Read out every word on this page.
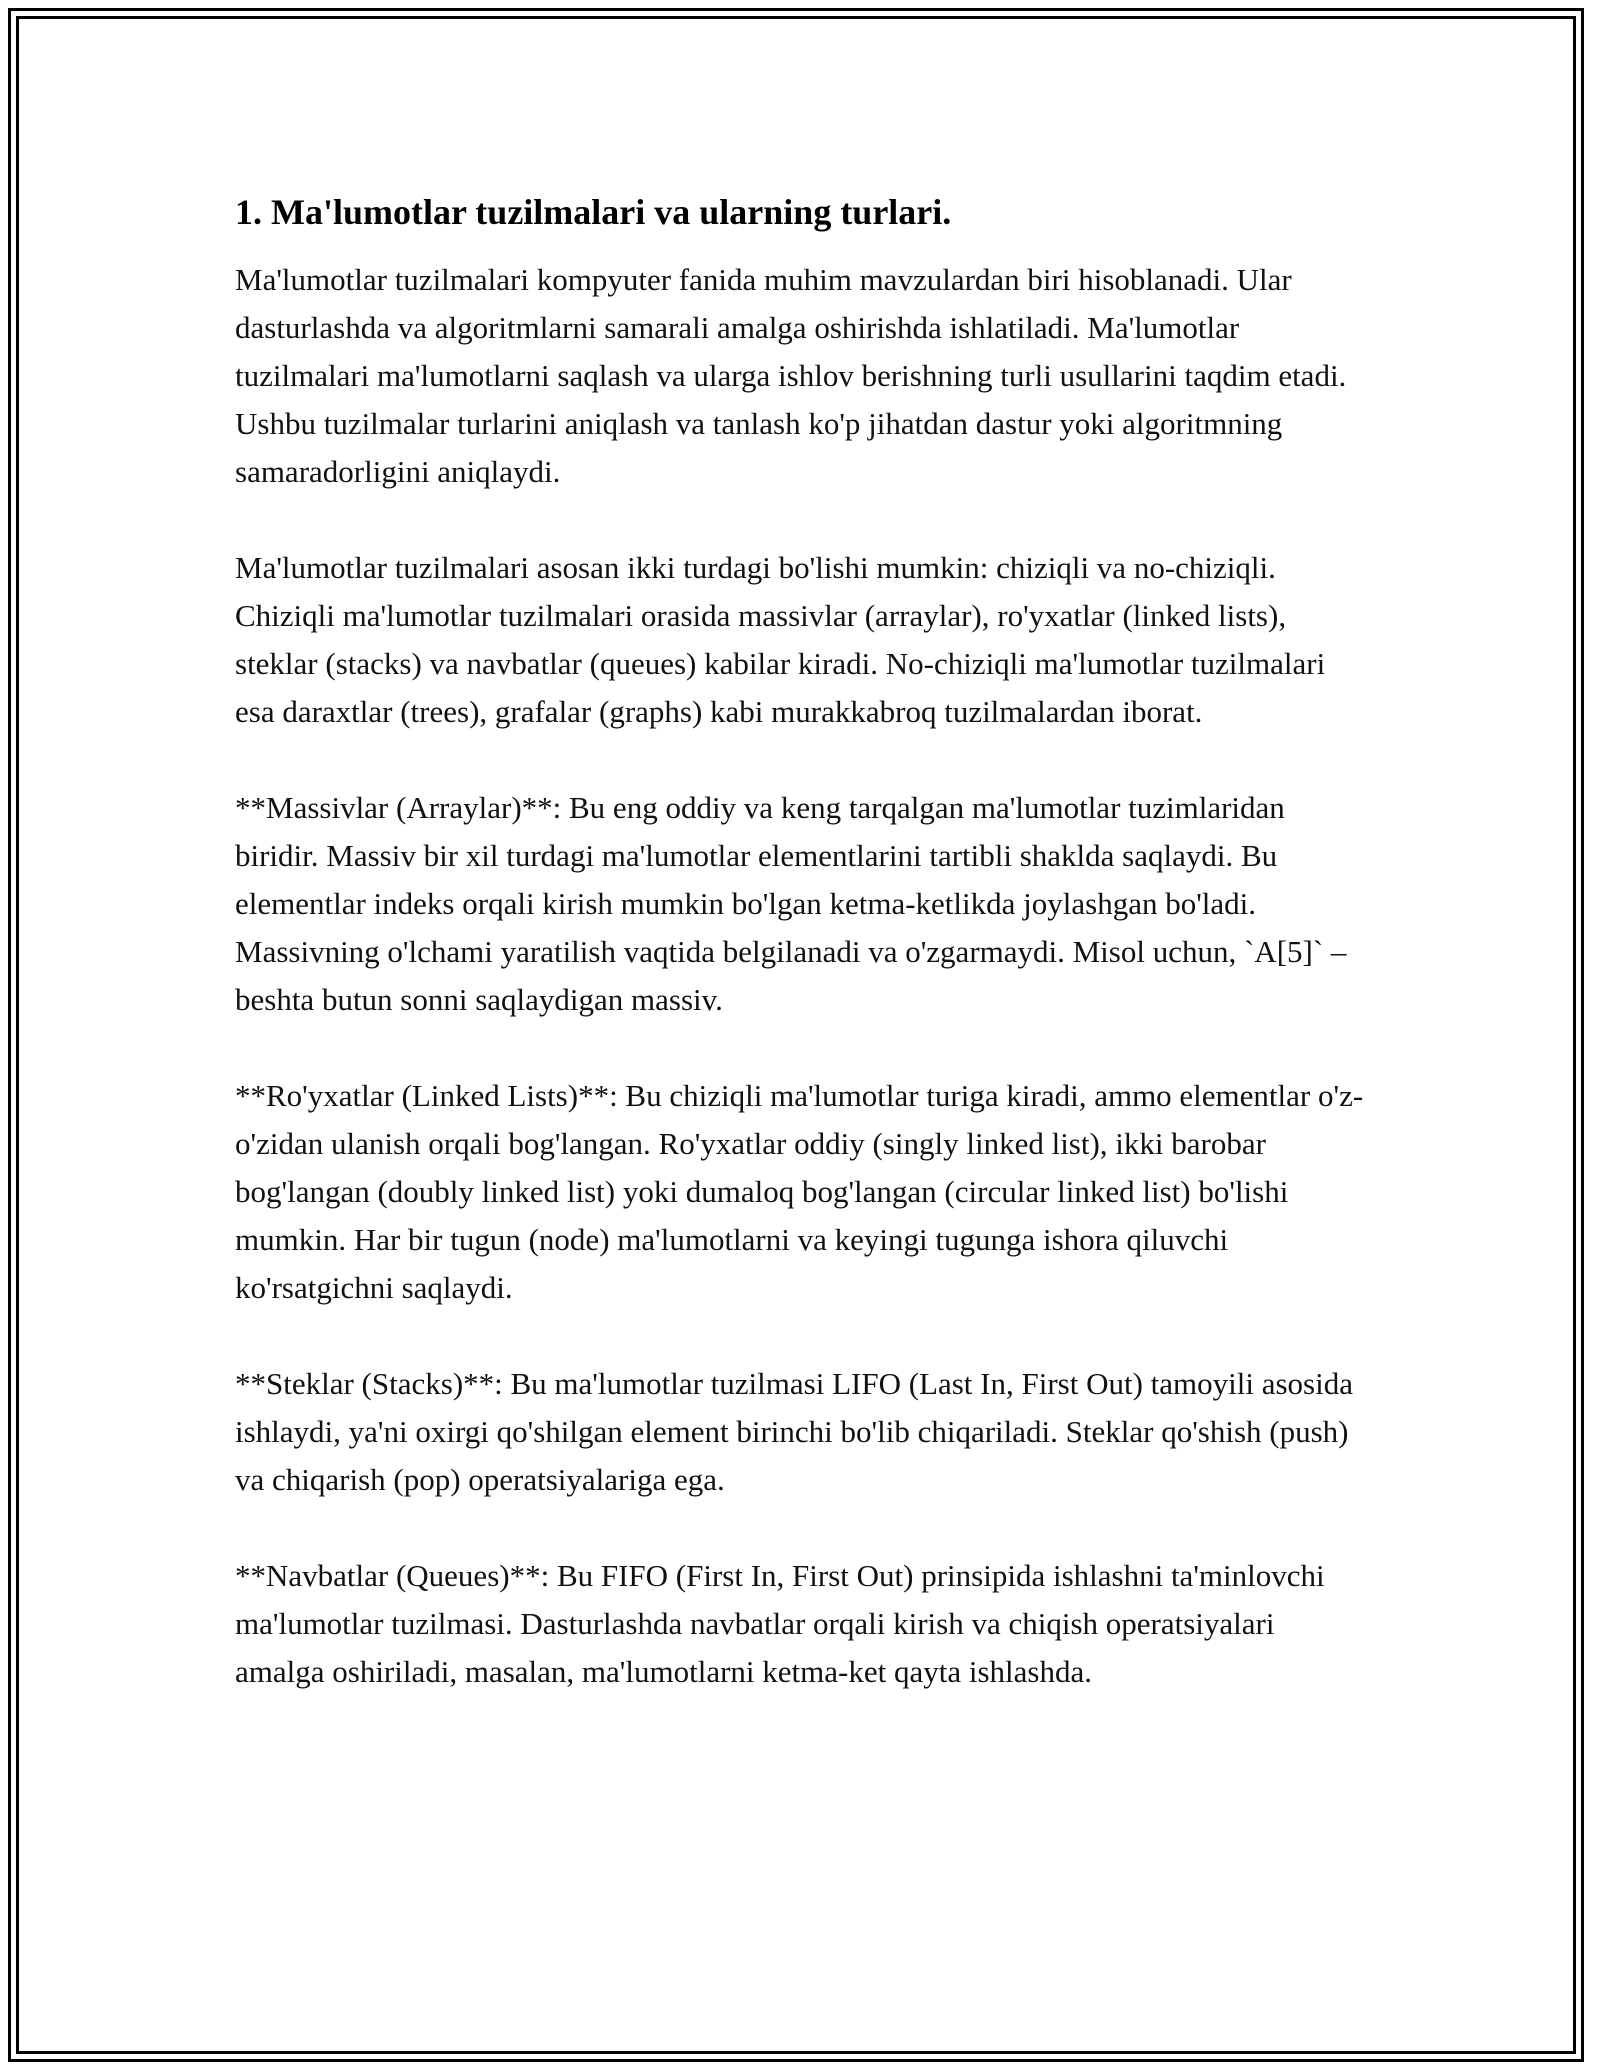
1. Ma'lumotlar tuzilmalari va ularning turlari.

Ma'lumotlar tuzilmalari kompyuter fanida muhim mavzulardan biri hisoblanadi. Ular dasturlashda va algoritmlarni samarali amalga oshirishda ishlatiladi. Ma'lumotlar tuzilmalari ma'lumotlarni saqlash va ularga ishlov berishning turli usullarini taqdim etadi. Ushbu tuzilmalar turlarini aniqlash va tanlash ko'p jihatdan dastur yoki algoritmning samaradorligini aniqlaydi.

Ma'lumotlar tuzilmalari asosan ikki turdagi bo'lishi mumkin: chiziqli va no-chiziqli. Chiziqli ma'lumotlar tuzilmalari orasida massivlar (arraylar), ro'yxatlar (linked lists), steklar (stacks) va navbatlar (queues) kabilar kiradi. No-chiziqli ma'lumotlar tuzilmalari esa daraxtlar (trees), grafalar (graphs) kabi murakkabroq tuzilmalardan iborat.

**Massivlar (Arraylar)**: Bu eng oddiy va keng tarqalgan ma'lumotlar tuzimlaridan biridir. Massiv bir xil turdagi ma'lumotlar elementlarini tartibli shaklda saqlaydi. Bu elementlar indeks orqali kirish mumkin bo'lgan ketma-ketlikda joylashgan bo'ladi. Massivning o'lchami yaratilish vaqtida belgilanadi va o'zgarmaydi. Misol uchun, `A[5]` – beshta butun sonni saqlaydigan massiv.

**Ro'yxatlar (Linked Lists)**: Bu chiziqli ma'lumotlar turiga kiradi, ammo elementlar o'z-o'zidan ulanish orqali bog'langan. Ro'yxatlar oddiy (singly linked list), ikki barobar bog'langan (doubly linked list) yoki dumaloq bog'langan (circular linked list) bo'lishi mumkin. Har bir tugun (node) ma'lumotlarni va keyingi tugunga ishora qiluvchi ko'rsatgichni saqlaydi.

**Steklar (Stacks)**: Bu ma'lumotlar tuzilmasi LIFO (Last In, First Out) tamoyili asosida ishlaydi, ya'ni oxirgi qo'shilgan element birinchi bo'lib chiqariladi. Steklar qo'shish (push) va chiqarish (pop) operatsiyalariga ega.

**Navbatlar (Queues)**: Bu FIFO (First In, First Out) prinsipida ishlashni ta'minlovchi ma'lumotlar tuzilmasi. Dasturlashda navbatlar orqali kirish va chiqish operatsiyalari amalga oshiriladi, masalan, ma'lumotlarni ketma-ket qayta ishlashda.
